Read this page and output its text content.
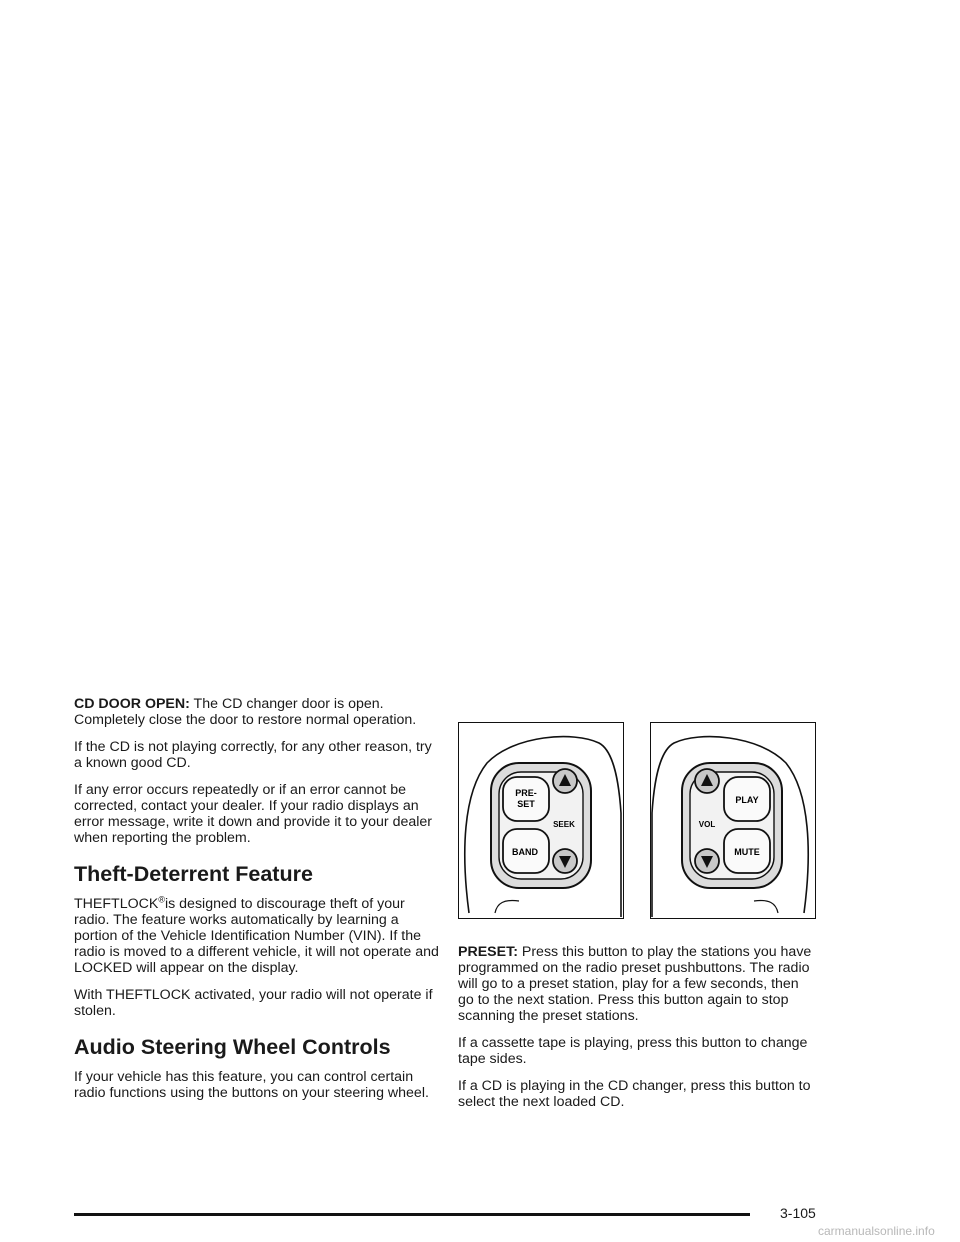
CD DOOR OPEN: The CD changer door is open. Completely close the door to restore normal operation.

If the CD is not playing correctly, for any other reason, try a known good CD.

If any error occurs repeatedly or if an error cannot be corrected, contact your dealer. If your radio displays an error message, write it down and provide it to your dealer when reporting the problem.

Theft-Deterrent Feature

THEFTLOCK®is designed to discourage theft of your radio. The feature works automatically by learning a portion of the Vehicle Identification Number (VIN). If the radio is moved to a different vehicle, it will not operate and LOCKED will appear on the display.

With THEFTLOCK activated, your radio will not operate if stolen.

Audio Steering Wheel Controls

If your vehicle has this feature, you can control certain radio functions using the buttons on your steering wheel.

PRE-
SET
SEEK
BAND
VOL
PLAY
MUTE

PRESET: Press this button to play the stations you have programmed on the radio preset pushbuttons. The radio will go to a preset station, play for a few seconds, then go to the next station. Press this button again to stop scanning the preset stations.

If a cassette tape is playing, press this button to change tape sides.

If a CD is playing in the CD changer, press this button to select the next loaded CD.

3-105
carmanualsonline.info
